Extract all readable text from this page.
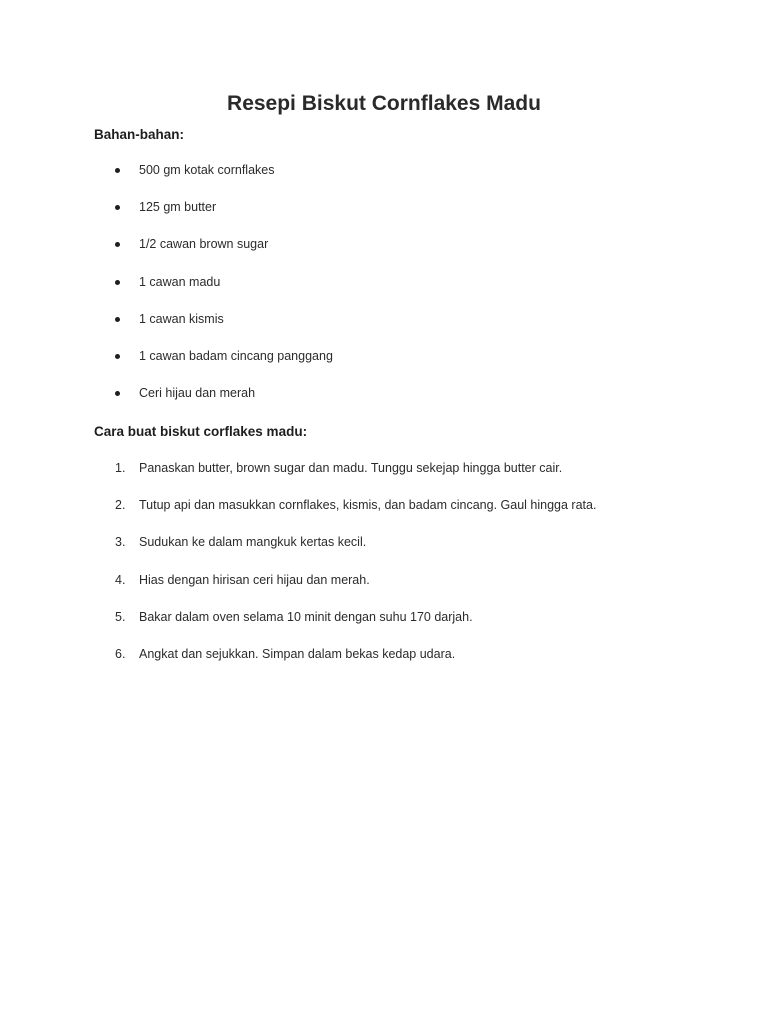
Resepi Biskut Cornflakes Madu
Bahan-bahan:
500 gm kotak cornflakes
125 gm butter
1/2 cawan brown sugar
1 cawan madu
1 cawan kismis
1 cawan badam cincang panggang
Ceri hijau dan merah
Cara buat biskut corflakes madu:
1.	Panaskan butter, brown sugar dan madu. Tunggu sekejap hingga butter cair.
2.	Tutup api dan masukkan cornflakes, kismis, dan badam cincang. Gaul hingga rata.
3.	Sudukan ke dalam mangkuk kertas kecil.
4.	Hias dengan hirisan ceri hijau dan merah.
5.	Bakar dalam oven selama 10 minit dengan suhu 170 darjah.
6.	Angkat dan sejukkan. Simpan dalam bekas kedap udara.
